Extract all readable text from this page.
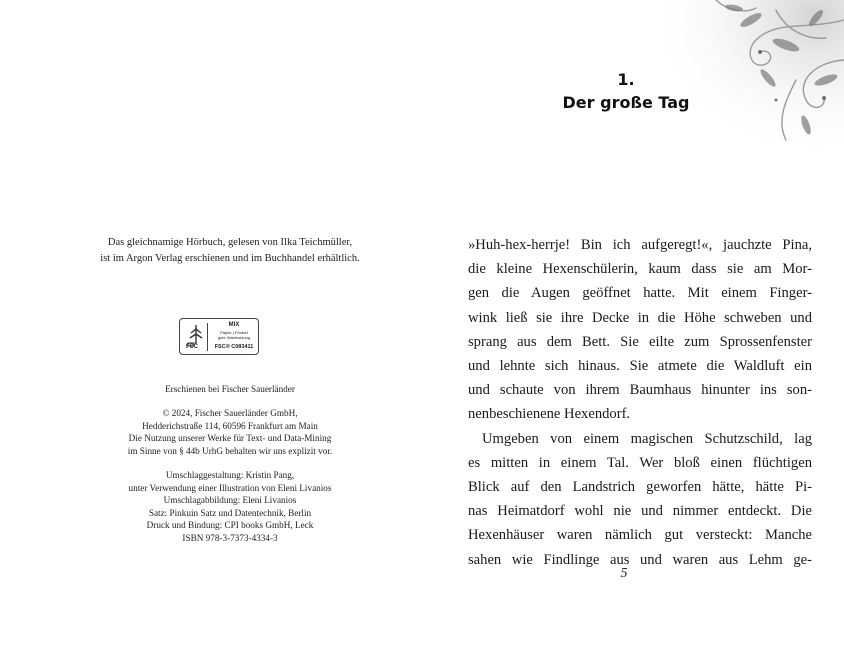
Das gleichnamige Hörbuch, gelesen von Ilka Teichmüller,
ist im Argon Verlag erschienen und im Buchhandel erhältlich.
FSC
MIX
Papier | Fördert
gute Waldnutzung
FSC® C083411
Erschienen bei Fischer Sauerländer
© 2024, Fischer Sauerländer GmbH,
Hedderichstraße 114, 60596 Frankfurt am Main
Die Nutzung unserer Werke für Text- und Data-Mining
im Sinne von § 44b UrhG behalten wir uns explizit vor.
Umschlaggestaltung: Kristin Pang,
unter Verwendung einer Illustration von Eleni Livanios
Umschlagabbildung: Eleni Livanios
Satz: Pinkuin Satz und Datentechnik, Berlin
Druck und Bindung: CPI books GmbH, Leck
ISBN 978-3-7373-4334-3
1.
Der große Tag
»Huh-hex-herrje! Bin ich aufgeregt!«, jauchzte Pina,
die kleine Hexenschülerin, kaum dass sie am Mor-
gen die Augen geöffnet hatte. Mit einem Finger-
wink ließ sie ihre Decke in die Höhe schweben und
sprang aus dem Bett. Sie eilte zum Sprossenfenster
und lehnte sich hinaus. Sie atmete die Waldluft ein
und schaute von ihrem Baumhaus hinunter ins son-
nenbeschienene Hexendorf.
Umgeben von einem magischen Schutzschild, lag
es mitten in einem Tal. Wer bloß einen flüchtigen
Blick auf den Landstrich geworfen hätte, hätte Pi-
nas Heimatdorf wohl nie und nimmer entdeckt. Die
Hexenhäuser waren nämlich gut versteckt: Manche
sahen wie Findlinge aus und waren aus Lehm ge-
5
